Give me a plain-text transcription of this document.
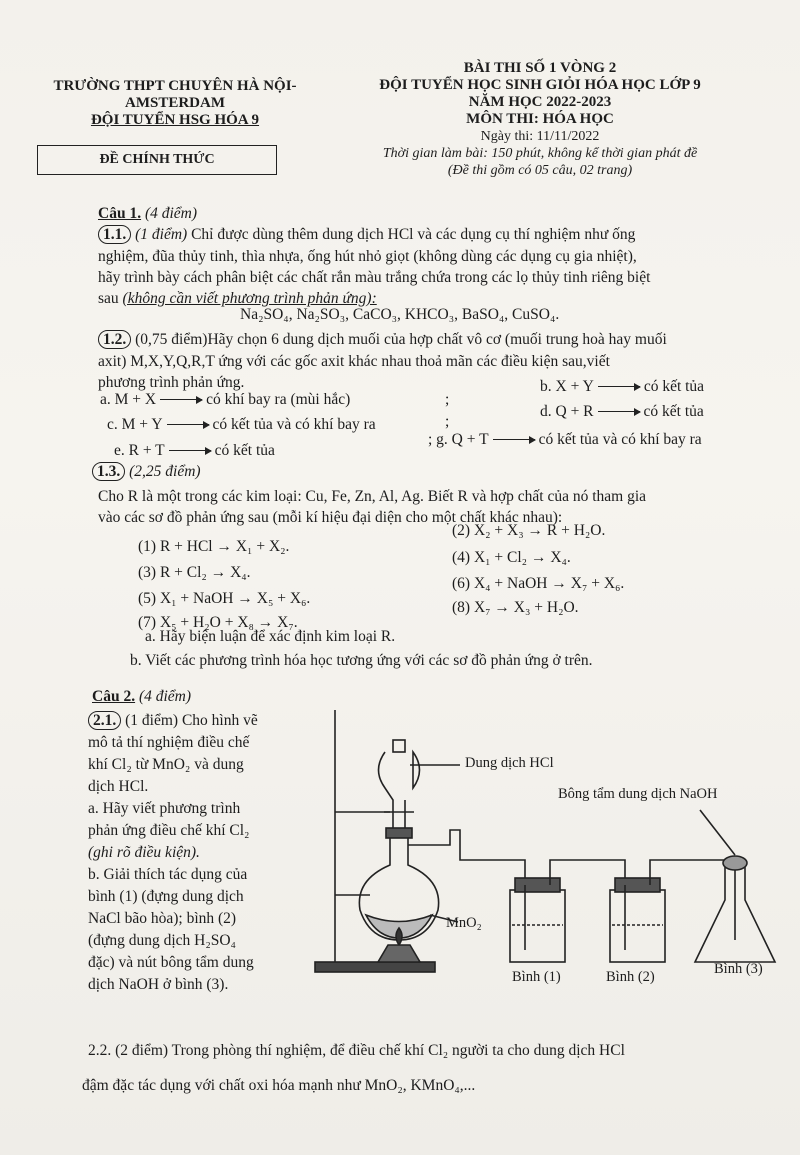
TRƯỜNG THPT CHUYÊN HÀ NỘI-
AMSTERDAM
ĐỘI TUYỂN HSG HÓA 9
ĐỀ CHÍNH THỨC
BÀI THI SỐ 1 VÒNG 2
ĐỘI TUYỂN HỌC SINH GIỎI HÓA HỌC LỚP 9
NĂM HỌC 2022-2023
MÔN THI: HÓA HỌC
Ngày thi: 11/11/2022
Thời gian làm bài: 150 phút, không kể thời gian phát đề
(Đề thi gồm có 05 câu, 02 trang)
Câu 1. (4 điểm)
1.1. (1 điểm) Chỉ được dùng thêm dung dịch HCl và các dụng cụ thí nghiệm như ống
nghiệm, đũa thủy tinh, thìa nhựa, ống hút nhỏ giọt (không dùng các dụng cụ gia nhiệt),
hãy trình bày cách phân biệt các chất rắn màu trắng chứa trong các lọ thủy tinh riêng biệt
sau (không cần viết phương trình phản ứng):
Na₂SO₄, Na₂SO₃, CaCO₃, KHCO₃, BaSO₄, CuSO₄.
1.2. (0,75 điểm)Hãy chọn 6 dung dịch muối của hợp chất vô cơ (muối trung hoà hay muối
axit) M,X,Y,Q,R,T ứng với các gốc axit khác nhau thoả mãn các điều kiện sau,viết
phương trình phản ứng.
a. M + X	có khí bay ra (mùi hắc)	;
b. X + Y	có kết tủa
c. M + Y	có kết tủa và có khí bay ra	;
d. Q + R	có kết tủa
e. R + T	có kết tủa
; g. Q + T	có kết tủa và có khí bay ra
1.3. (2,25 điểm)
Cho R là một trong các kim loại: Cu, Fe, Zn, Al, Ag. Biết R và hợp chất của nó tham gia
vào các sơ đồ phản ứng sau (mỗi kí hiệu đại diện cho một chất khác nhau):
(1) R + HCl → X₁ + X₂.
(2) X₂ + X₃ → R + H₂O.
(3) R + Cl₂ → X₄.
(4) X₁ + Cl₂ → X₄.
(5) X₁ + NaOH → X₅ + X₆.
(6) X₄ + NaOH → X₇ + X₆.
(7) X₅ + H₂O + X₈ → X₇.
(8) X₇ → X₃ + H₂O.
a. Hãy biện luận để xác định kim loại R.
b. Viết các phương trình hóa học tương ứng với các sơ đồ phản ứng ở trên.
Câu 2. (4 điểm)
2.1. (1 điểm) Cho hình vẽ
mô tả thí nghiệm điều chế
khí Cl₂ từ MnO₂ và dung
dịch HCl.
a. Hãy viết phương trình
phản ứng điều chế khí Cl₂
(ghi rõ điều kiện).
b. Giải thích tác dụng của
bình (1) (đựng dung dịch
NaCl bão hòa); bình (2)
(đựng dung dịch H₂SO₄
đặc) và nút bông tẩm dung
dịch NaOH ở bình (3).
Dung dịch HCl
Bông tẩm dung dịch NaOH
MnO₂
Bình (1)	Bình (2)	Bình (3)
2.2. (2 điểm) Trong phòng thí nghiệm, để điều chế khí Cl₂ người ta cho dung dịch HCl
đậm đặc tác dụng với chất oxi hóa mạnh như MnO₂, KMnO₄,...
